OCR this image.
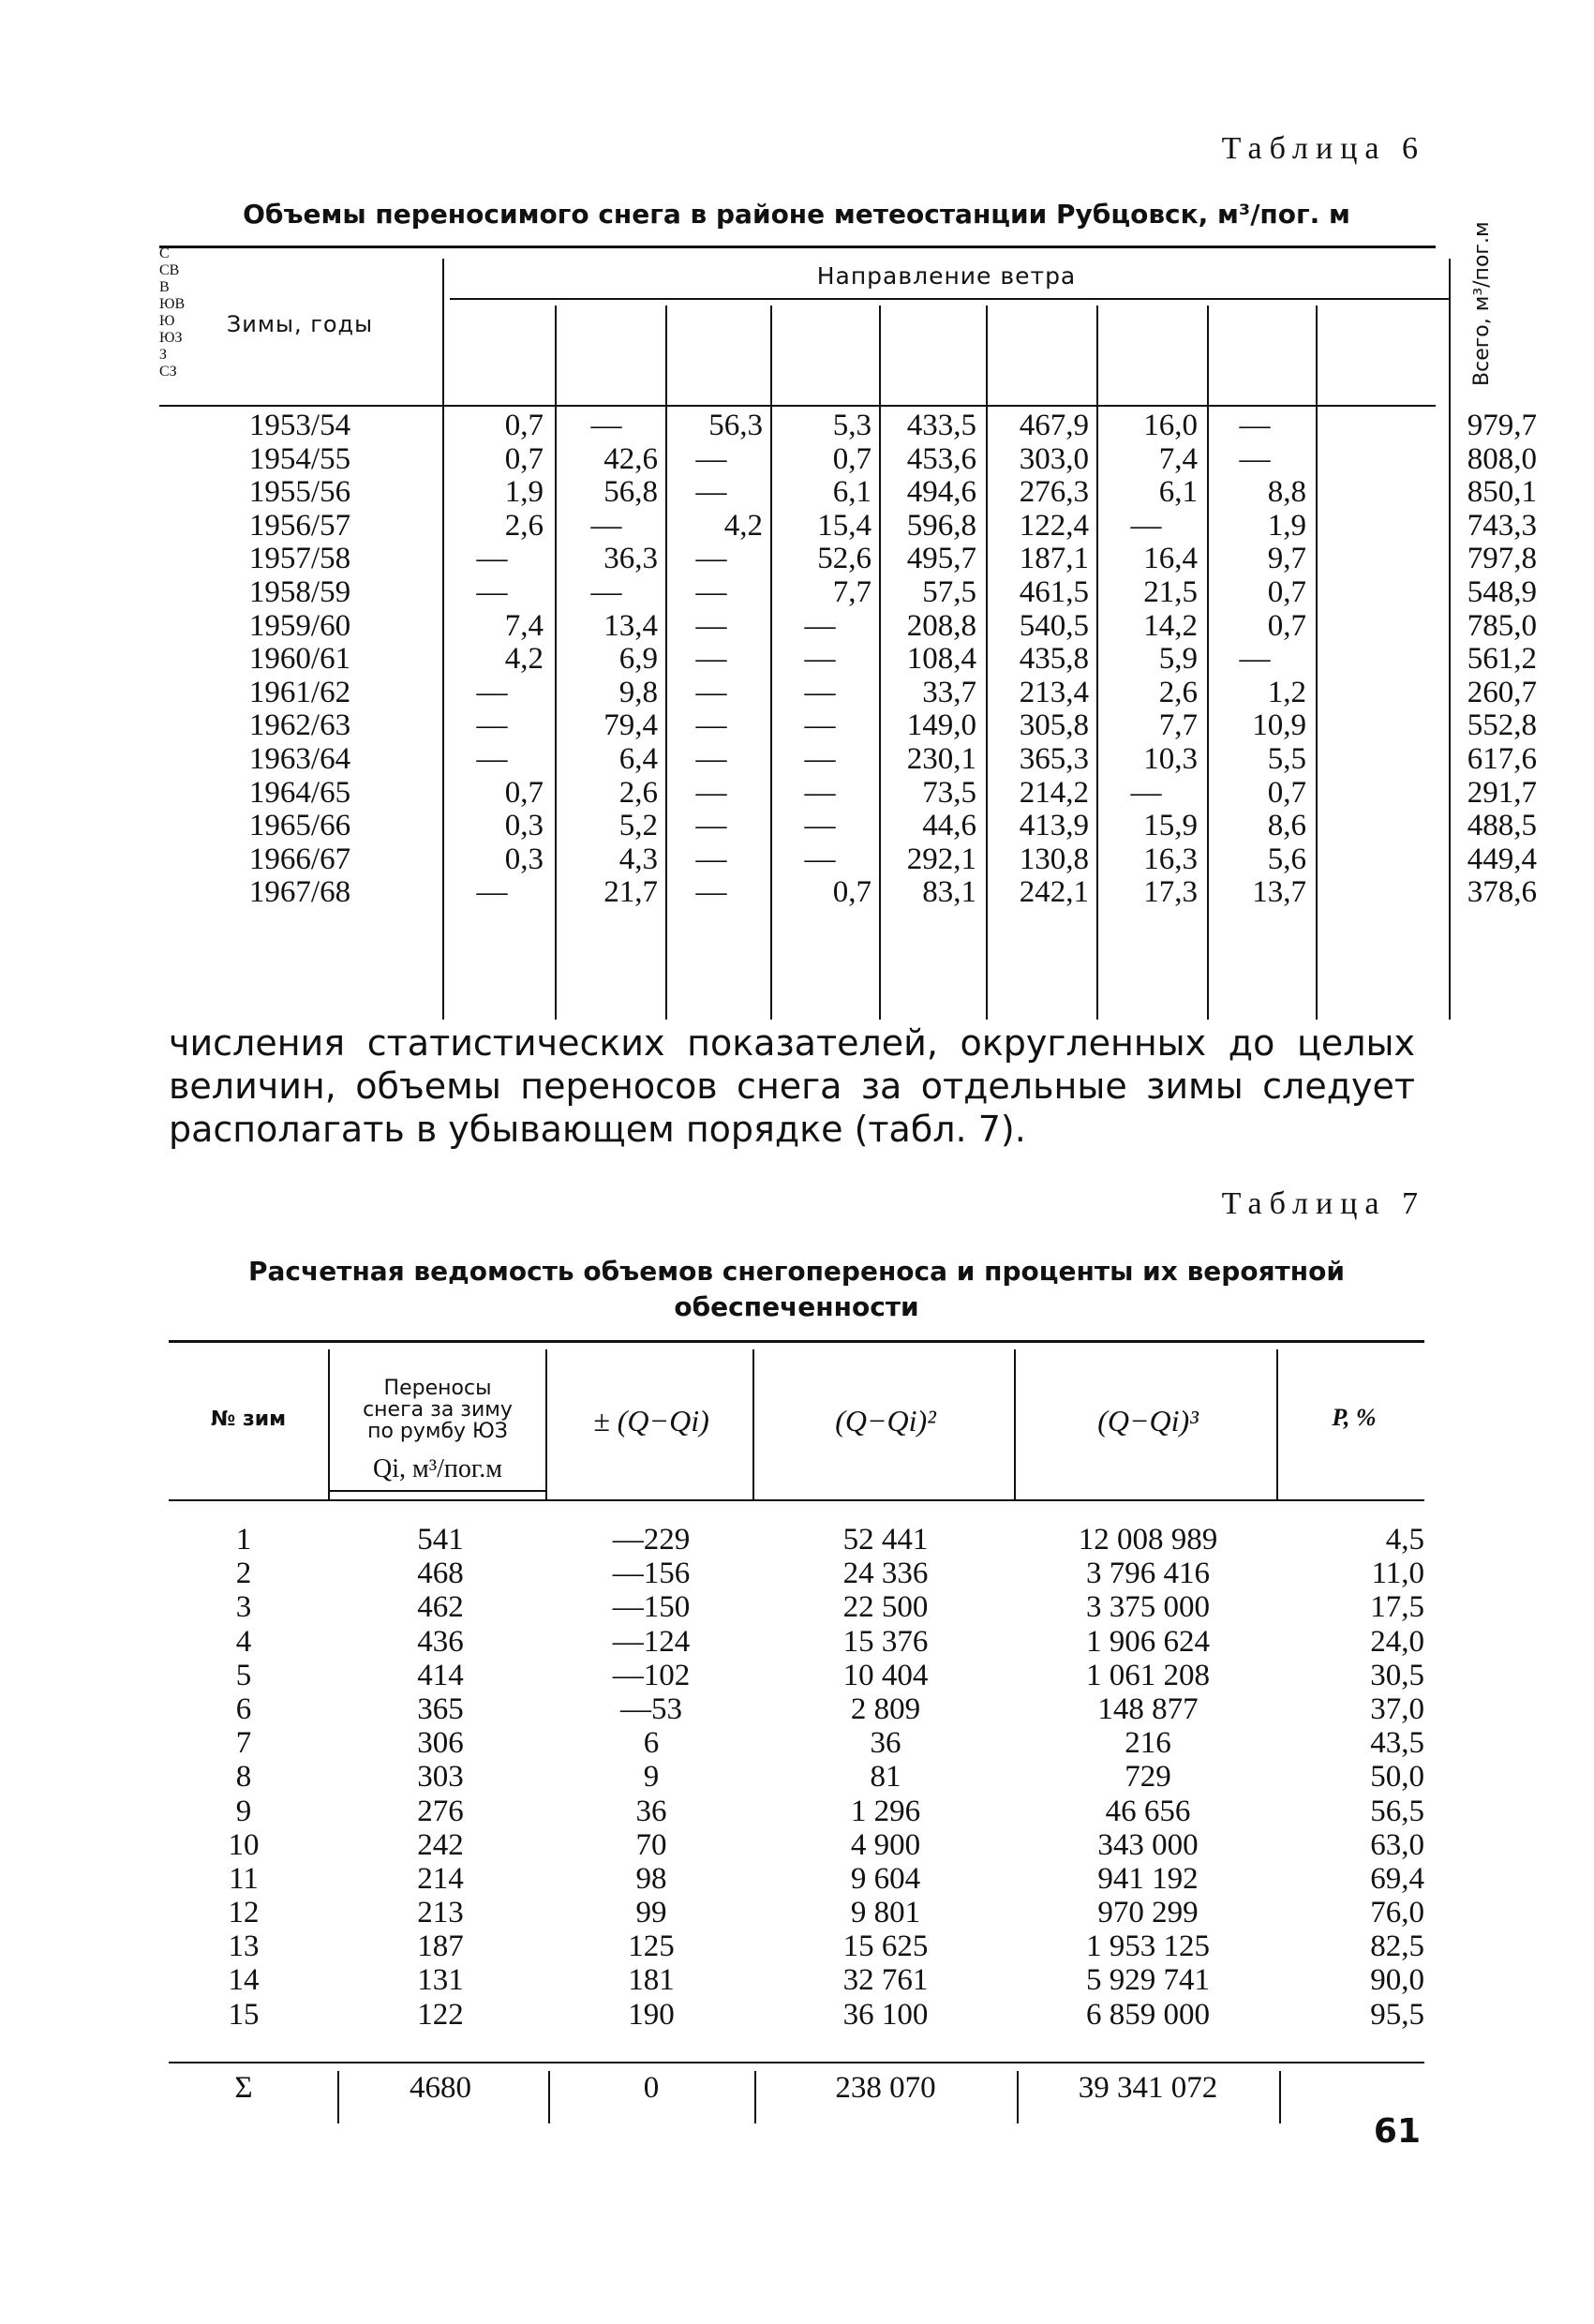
Таблица 6
Объемы переносимого снега в районе метеостанции Рубцовск, м³/пог. м
Зимы, годы
Направление ветра	Всего, м³/пог.м
С
СВ
В
ЮВ
Ю
ЮЗ
З
СЗ
1953/54	0,7	—	56,3	5,3	433,5	467,9	16,0	—	979,7
1954/55	0,7	42,6	—	0,7	453,6	303,0	7,4	—	808,0
1955/56	1,9	56,8	—	6,1	494,6	276,3	6,1	8,8	850,1
1956/57	2,6	—	4,2	15,4	596,8	122,4	—	1,9	743,3
1957/58	—	36,3	—	52,6	495,7	187,1	16,4	9,7	797,8
1958/59	—	—	—	7,7	57,5	461,5	21,5	0,7	548,9
1959/60	7,4	13,4	—	—	208,8	540,5	14,2	0,7	785,0
1960/61	4,2	6,9	—	—	108,4	435,8	5,9	—	561,2
1961/62	—	9,8	—	—	33,7	213,4	2,6	1,2	260,7
1962/63	—	79,4	—	—	149,0	305,8	7,7	10,9	552,8
1963/64	—	6,4	—	—	230,1	365,3	10,3	5,5	617,6
1964/65	0,7	2,6	—	—	73,5	214,2	—	0,7	291,7
1965/66	0,3	5,2	—	—	44,6	413,9	15,9	8,6	488,5
1966/67	0,3	4,3	—	—	292,1	130,8	16,3	5,6	449,4
1967/68	—	21,7	—	0,7	83,1	242,1	17,3	13,7	378,6
числения статистических показателей, округленных до целых величин, объемы переносов снега за отдельные зимы следует располагать в убывающем порядке (табл. 7).
Таблица 7
Расчетная ведомость объемов снегопереноса и проценты их вероятной
обеспеченности
№ зим
Переносы
снега за зиму
по румбу ЮЗ
Qi, м³/пог.м
± (Q−Qi)	(Q−Qi)²	(Q−Qi)³	P, %
1	541	—229	52 441	12 008 989	4,5
2	468	—156	24 336	3 796 416	11,0
3	462	—150	22 500	3 375 000	17,5
4	436	—124	15 376	1 906 624	24,0
5	414	—102	10 404	1 061 208	30,5
6	365	—53	2 809	148 877	37,0
7	306	6	36	216	43,5
8	303	9	81	729	50,0
9	276	36	1 296	46 656	56,5
10	242	70	4 900	343 000	63,0
11	214	98	9 604	941 192	69,4
12	213	99	9 801	970 299	76,0
13	187	125	15 625	1 953 125	82,5
14	131	181	32 761	5 929 741	90,0
15	122	190	36 100	6 859 000	95,5
Σ	4680	0	238 070	39 341 072
61
